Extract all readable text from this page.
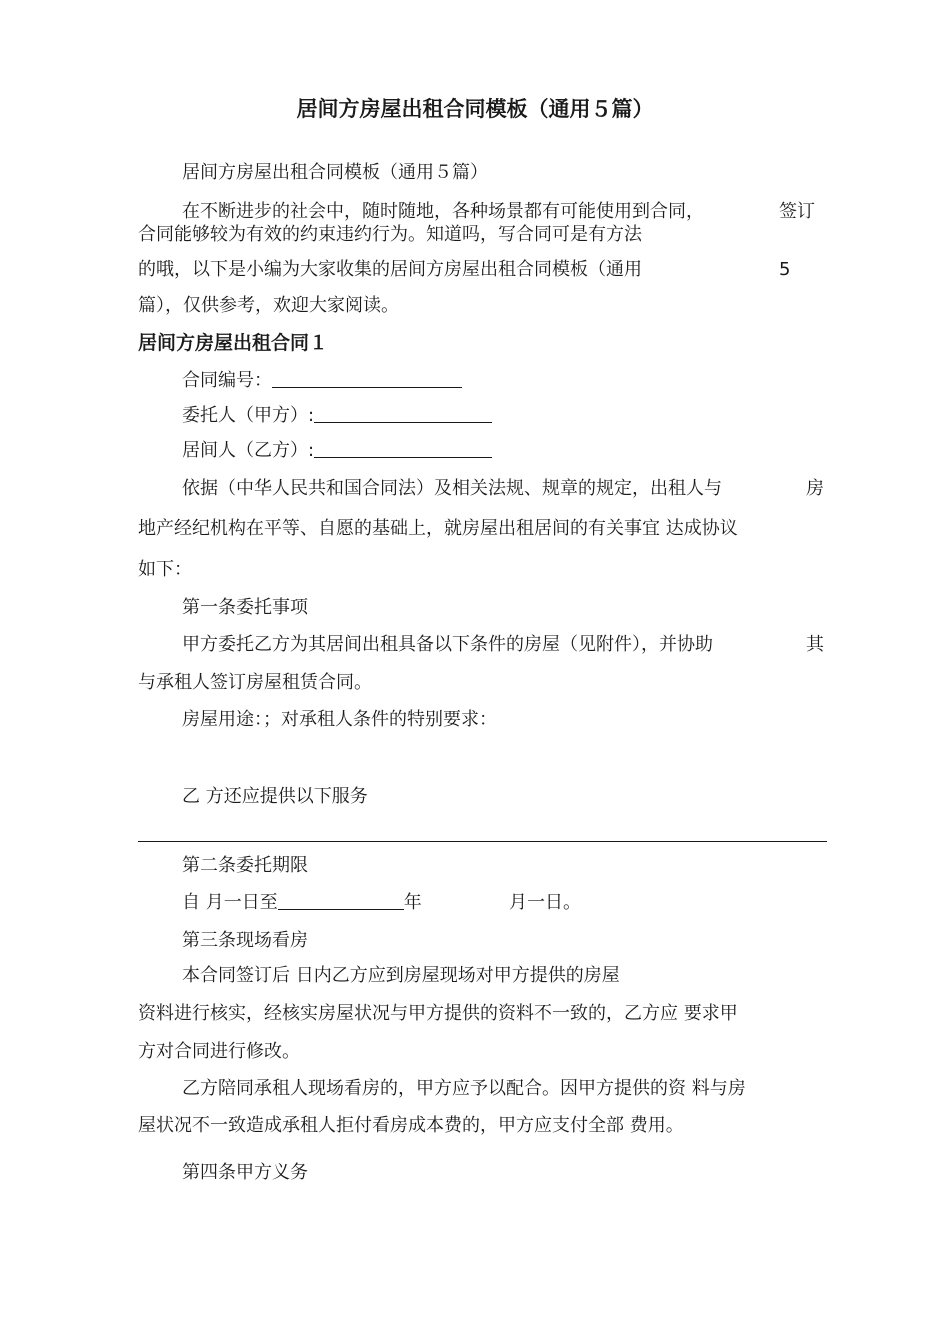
居间方房屋出租合同模板（通用５篇）
居间方房屋出租合同模板（通用５篇）
在不断进步的社会中，随时随地，各种场景都有可能使用到合同，	签订
合同能够较为有效的约束违约行为。知道吗，写合同可是有方法
的哦，以下是小编为大家收集的居间方房屋出租合同模板（通用	5
篇），仅供参考，欢迎大家阅读。
居间方房屋出租合同１
合同编号：
委托人（甲方）:
居间人（乙方）:
依据（中华人民共和国合同法）及相关法规、规章的规定，出租人与	房
地产经纪机构在平等、自愿的基础上，就房屋出租居间的有关事宜 达成协议
如下：
第一条委托事项
甲方委托乙方为其居间出租具备以下条件的房屋（见附件），并协助	其
与承租人签订房屋租赁合同。
房屋用途：；对承租人条件的特别要求：
乙 方还应提供以下服务
第二条委托期限
自 月一日至	年	月一日。
第三条现场看房
本合同签订后 日内乙方应到房屋现场对甲方提供的房屋
资料进行核实，经核实房屋状况与甲方提供的资料不一致的，乙方应 要求甲
方对合同进行修改。
乙方陪同承租人现场看房的，甲方应予以配合。因甲方提供的资 料与房
屋状况不一致造成承租人拒付看房成本费的，甲方应支付全部 费用。
第四条甲方义务
